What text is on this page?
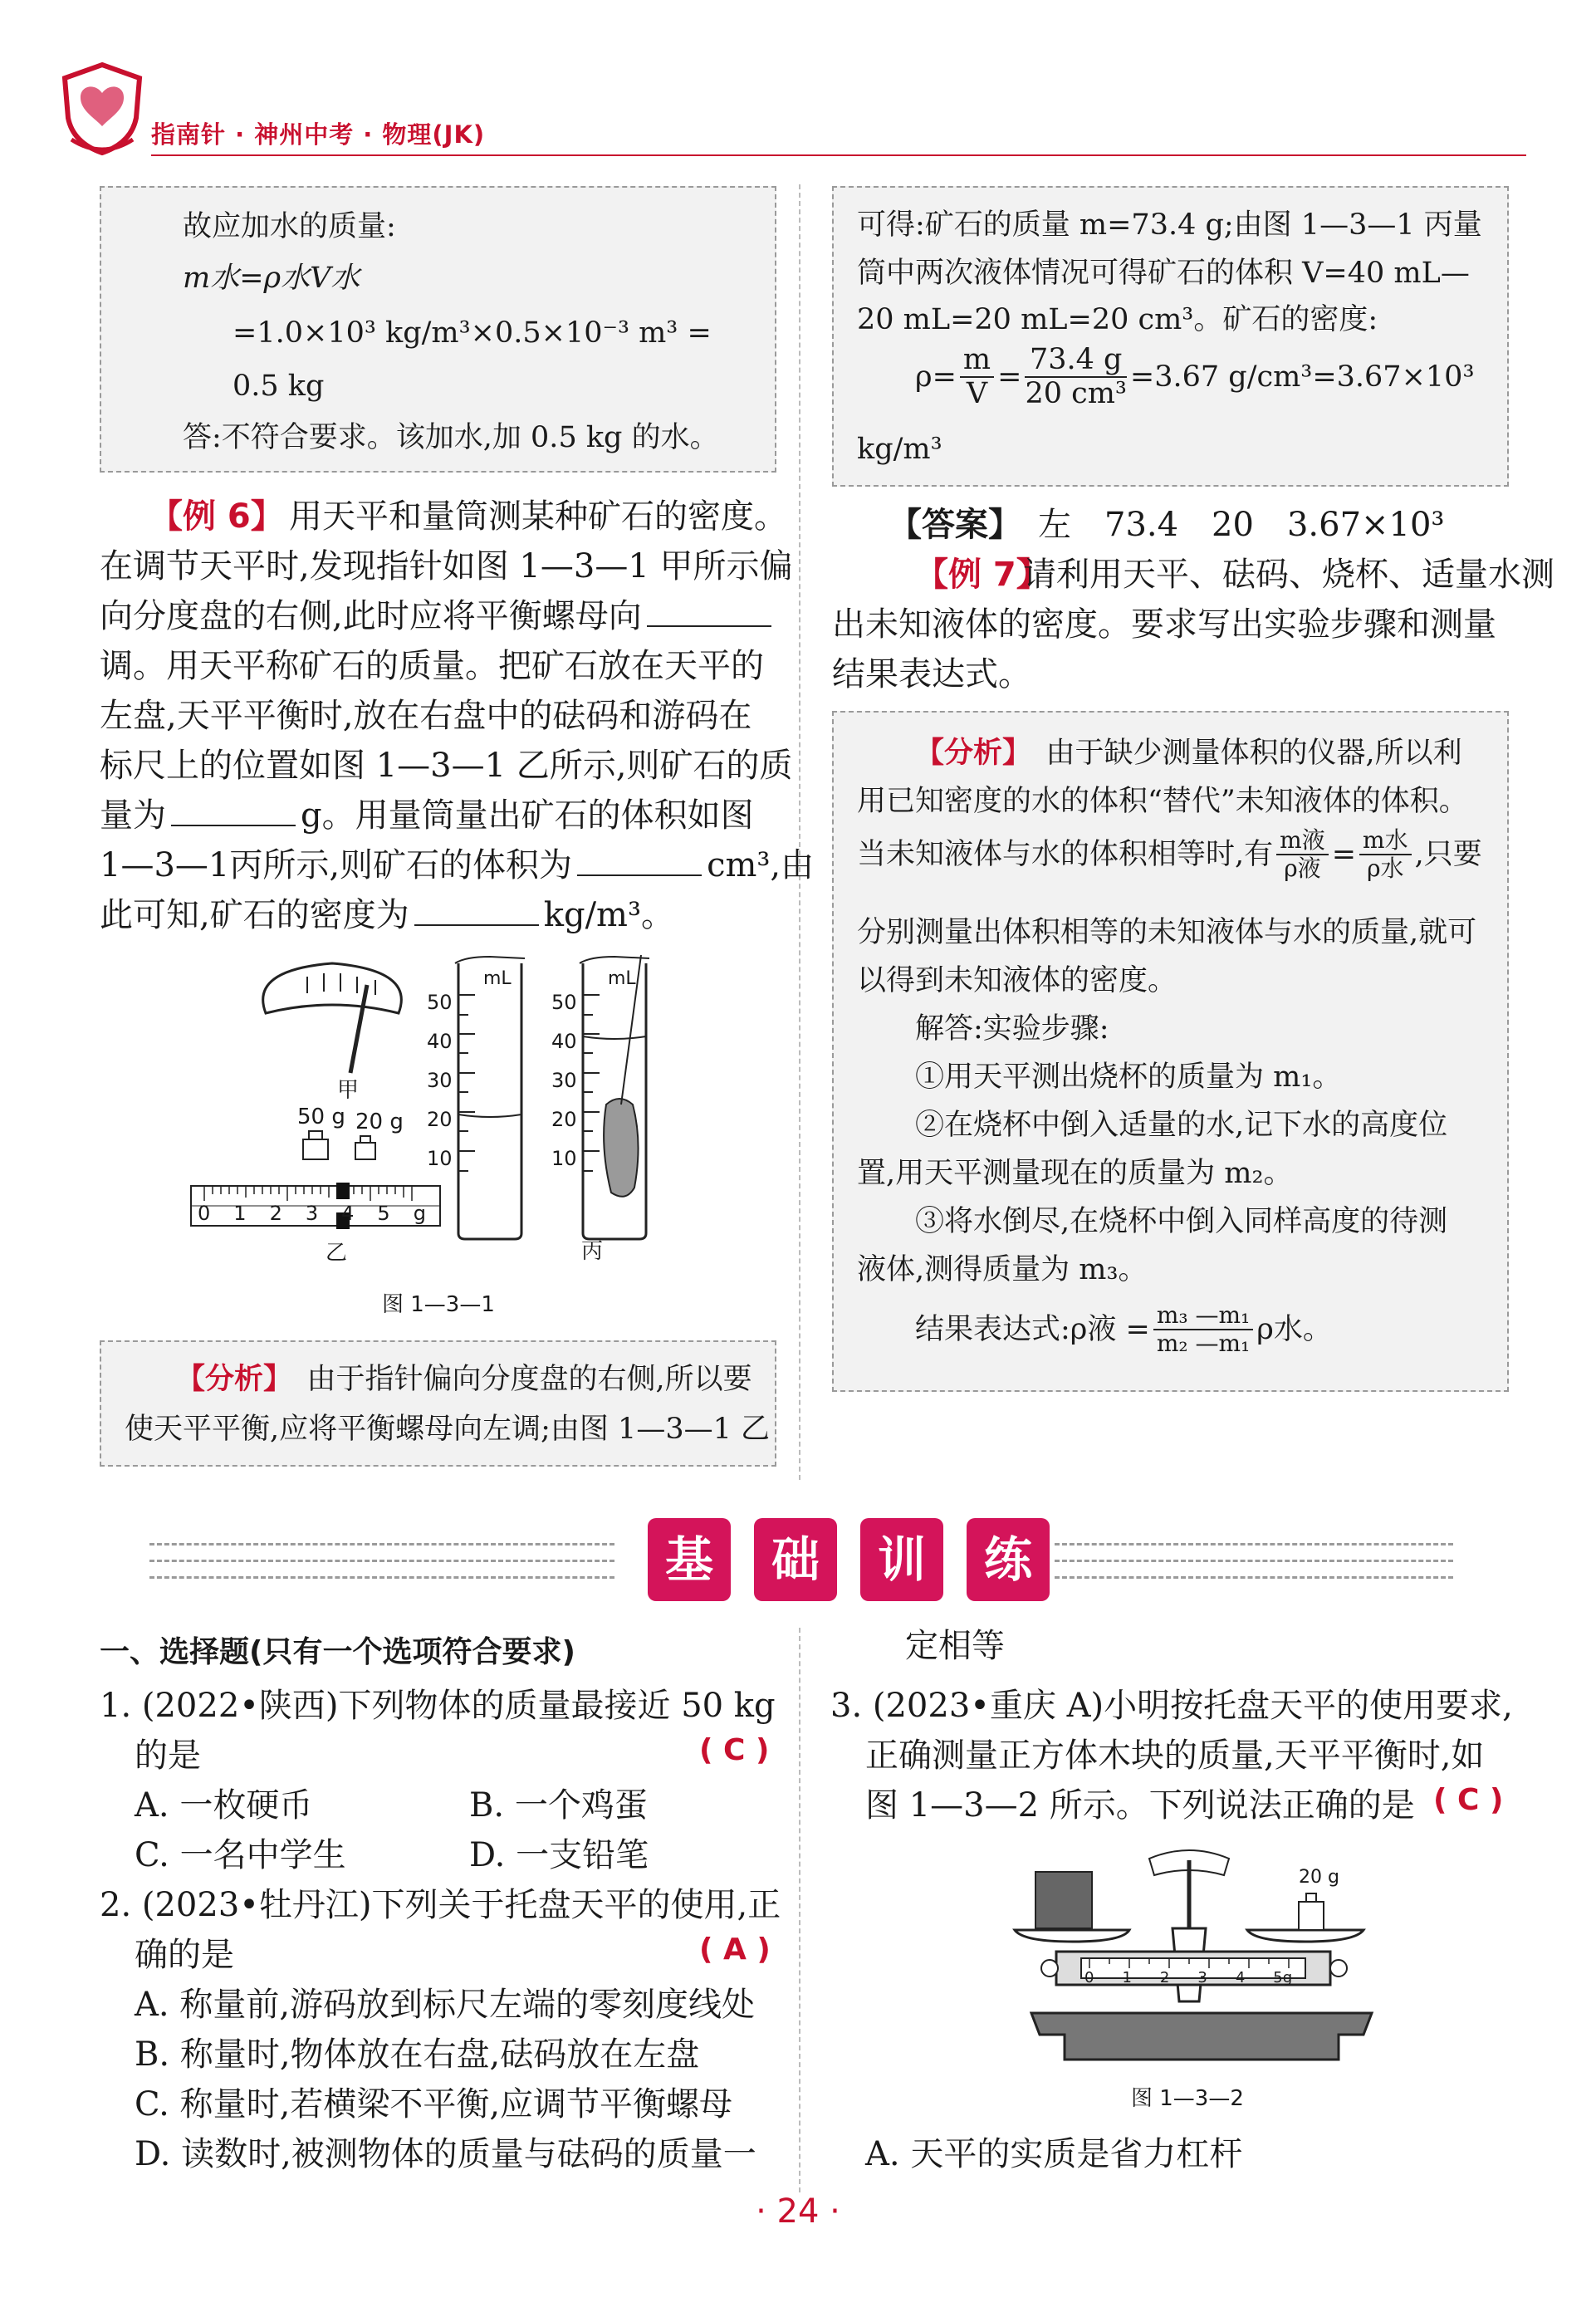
指南针 · 神州中考 · 物理(JK)
故应加水的质量:
m水=ρ水V水
=1.0×10³ kg/m³×0.5×10⁻³ m³ =
0.5 kg
答:不符合要求。该加水,加 0.5 kg 的水。
【例 6】 用天平和量筒测某种矿石的密度。
在调节天平时,发现指针如图 1—3—1 甲所示偏
向分度盘的右侧,此时应将平衡螺母向
调。用天平称矿石的质量。把矿石放在天平的
左盘,天平平衡时,放在右盘中的砝码和游码在
标尺上的位置如图 1—3—1 乙所示,则矿石的质
量为	g。用量筒量出矿石的体积如图
1—3—1丙所示,则矿石的体积为	cm³,由
此可知,矿石的密度为	kg/m³。
甲
50 g 20 g
0 1 2 3 4 5 g
乙
mL	mL
50
40
30
20
10
50
40
30
20
10
丙
图 1—3—1
【分析】　 由于指针偏向分度盘的右侧,所以要
使天平平衡,应将平衡螺母向左调;由图 1—3—1 乙
可得:矿石的质量 m=73.4 g;由图 1—3—1 丙量
筒中两次液体情况可得矿石的体积 V=40 mL—
20 mL=20 mL=20 cm³。矿石的密度:
$\rho= \frac{m}{V} = \frac{73.4 g}{\text{20 cm³}} =3.67$ g/cm³=3.67×10³
kg/m³
【答案】　 左　73.4　20　3.67×10³
【例 7】
请利用天平、砝码、烧杯、适量水测
出未知液体的密度。要求写出实验步骤和测量
结果表达式。
【分析】　 由于缺少测量体积的仪器,所以利
用已知密度的水的体积“替代”未知液体的体积。
当未知液体与水的体积相等时,有 $\frac{\text{m液}}{\text{ρ液}} = \frac{\text{m水}}{\text{ρ水}}$ ,只要
分别测量出体积相等的未知液体与水的质量,就可
以得到未知液体的密度。
解答:实验步骤:
①用天平测出烧杯的质量为 m₁。
②在烧杯中倒入适量的水,记下水的高度位
置,用天平测量现在的质量为 m₂。
③将水倒尽,在烧杯中倒入同样高度的待测
液体,测得质量为 m₃。
结果表达式:ρ液 = $\frac{\text{m₃ —m₁}}{\text{m₂ —m₁}}$ ρ水。
基	础	训	练
一、选择题(只有一个选项符合要求)
1. (2022•陕西)下列物体的质量最接近 50 kg
的是	( C )
A. 一枚硬币	B. 一个鸡蛋
C. 一名中学生	D. 一支铅笔
2. (2023•牡丹江)下列关于托盘天平的使用,正
确的是	( A )
A. 称量前,游码放到标尺左端的零刻度线处
B. 称量时,物体放在右盘,砝码放在左盘
C. 称量时,若横梁不平衡,应调节平衡螺母
D. 读数时,被测物体的质量与砝码的质量一
定相等
3. (2023•重庆 A)小明按托盘天平的使用要求,
正确测量正方体木块的质量,天平平衡时,如
图 1—3—2 所示。下列说法正确的是 ( C )
20 g
0 1 2 3 4 5g
图 1—3—2
A. 天平的实质是省力杠杆
· 24 ·
